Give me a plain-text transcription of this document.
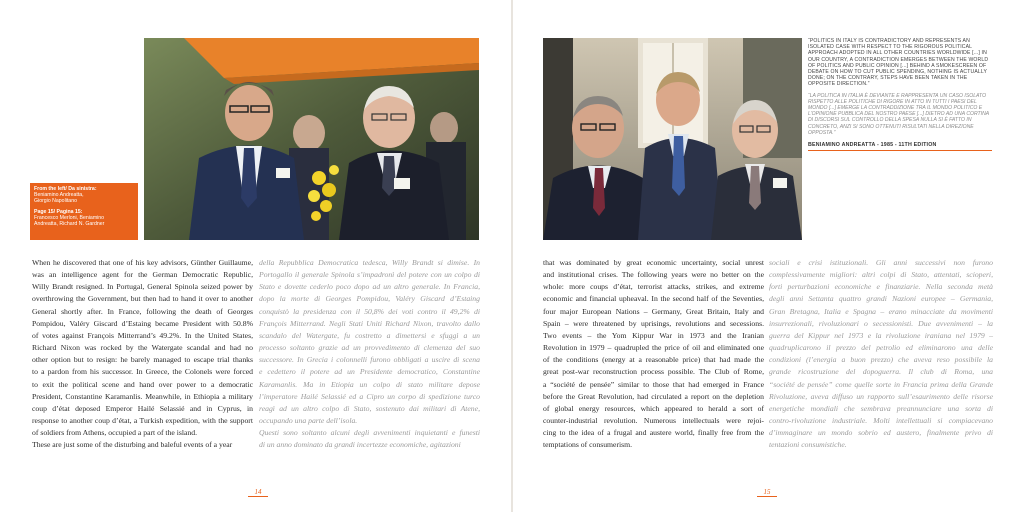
From the left/ Da sinistra:
Beniamino Andreatta,
Giorgio Napolitano
Page 15/ Pagina 15:
Francesco Merloni, Beniamino
Andreatta, Richard N. Gardner
“POLITICS IN ITALY IS CONTRADICTORY AND REPRESENTS AN ISOLATED CASE WITH RESPECT TO THE RIGOROUS POLITICAL APPROACH ADOPTED IN ALL OTHER COUNTRIES WORLDWIDE [...] IN OUR COUNTRY, A CONTRADICTION EMERGES BETWEEN THE WORLD OF POLITICS AND PUBLIC OPINION [...] BEHIND A SMOKESCREEN OF DEBATE ON HOW TO CUT PUBLIC SPENDING, NOTHING IS ACTUALLY DONE; ON THE CONTRARY, STEPS HAVE BEEN TAKEN IN THE OPPOSITE DIRECTION.”
“LA POLITICA IN ITALIA È DEVIANTE E RAPPRESENTA UN CASO ISOLATO RISPETTO ALLE POLITICHE DI RIGORE IN ATTO IN TUTTI I PAESI DEL MONDO [...] EMERGE LA CONTRADDIZIONE TRA IL MONDO POLITICO E L’OPINIONE PUBBLICA DEL NOSTRO PAESE [...] DIETRO AD UNA CORTINA DI DISCORSI SUL CONTROLLO DELLA SPESA NULLA SI È FATTO IN CONCRETO, ANZI SI SONO OTTENUTI RISULTATI NELLA DIREZIONE OPPOSTA.”
BENIAMINO ANDREATTA - 1985 - 11TH EDITION
When he discovered that one of his key advisors, Günther Guillaume,
was an intelligence agent for the German Democratic Republic,
Willy Brandt resigned. In Portugal, General Spinola seized power by
overthrowing the Government, but then had to hand it over to another
General shortly after. In France, following the death of Georges
Pompidou, Valéry Giscard d’Estaing became President with 50.8%
of votes against François Mitterrand’s 49.2%. In the United States,
Richard Nixon was rocked by the Watergate scandal and had no
other option but to resign: he barely managed to escape trial thanks
to a pardon from his successor. In Greece, the Colonels were forced
to exit the political scene and hand over power to a democratic
President, Constantine Karamanlis. Meanwhile, in Ethiopia a military
coup d’état deposed Emperor Hailé Selassié and in Cyprus, in
response to another coup d’état, a Turkish expedition, with the support
of soldiers from Athens, occupied a part of the island.
These are just some of the disturbing and baleful events of a year
della Repubblica Democratica tedesca, Willy Brandt si dimise. In
Portogallo il generale Spinola s’impadronì del potere con un colpo di
Stato e dovette cederlo poco dopo ad un altro generale. In Francia,
dopo la morte di Georges Pompidou, Valéry Giscard d’Estaing
conquistò la presidenza con il 50,8% dei voti contro il 49,2% di
François Mitterrand. Negli Stati Uniti Richard Nixon, travolto dallo
scandalo del Watergate, fu costretto a dimettersi e sfuggì a un
processo soltanto grazie ad un provvedimento di clemenza del suo
successore. In Grecia i colonnelli furono obbligati a uscire di scena
e cedettero il potere ad un Presidente democratico, Constantine
Karamanlis. Ma in Etiopia un colpo di stato militare depose
l’imperatore Hailé Selassié ed a Cipro un corpo di spedizione turco
reagì ad un altro colpo di Stato, sostenuto dai militari di Atene,
occupando una parte dell’isola.
Questi sono soltanto alcuni degli avvenimenti inquietanti e funesti
di un anno dominato da grandi incertezze economiche, agitazioni
that was dominated by great economic uncertainty, social unrest
and institutional crises. The following years were no better on the
whole: more coups d’état, terrorist attacks, strikes, and extreme
economic and financial upheaval. In the second half of the Seventies,
four major European Nations – Germany, Great Britain, Italy and
Spain – were threatened by uprisings, revolutions and secessions.
Two events – the Yom Kippur War in 1973 and the Iranian
Revolution in 1979 – quadrupled the price of oil and eliminated one
of the conditions (energy at a reasonable price) that had made the
great post-war reconstruction process possible. The Club of Rome,
a “société de pensée” similar to those that had emerged in France
before the Great Revolution, had circulated a report on the depletion
of global energy resources, which appeared to herald a sort of
counter-industrial revolution. Numerous intellectuals were rejoi-
cing to the idea of a frugal and austere world, finally free from the
temptations of consumerism.
sociali e crisi istituzionali. Gli anni successivi non furono
complessivamente migliori: altri colpi di Stato, attentati, scioperi,
forti perturbazioni economiche e finanziarie. Nella seconda metà
degli anni Settanta quattro grandi Nazioni europee – Germania,
Gran Bretagna, Italia e Spagna – erano minacciate da movimenti
insurrezionali, rivoluzionari o secessionisti. Due avvenimenti – la
guerra del Kippur nel 1973 e la rivoluzione iraniana nel 1979 –
quadruplicarono il prezzo del petrolio ed eliminarono una delle
condizioni (l’energia a buon prezzo) che aveva reso possibile la
grande ricostruzione del dopoguerra. Il club di Roma, una
“société de pensée” come quelle sorte in Francia prima della Grande
Rivoluzione, aveva diffuso un rapporto sull’esaurimento delle risorse
energetiche mondiali che sembrava preannunciare una sorta di
contro-rivoluzione industriale. Molti intellettuali si compiacevano
d’immaginare un mondo sobrio ed austero, finalmente privo di
tentazioni consumistiche.
14	15
